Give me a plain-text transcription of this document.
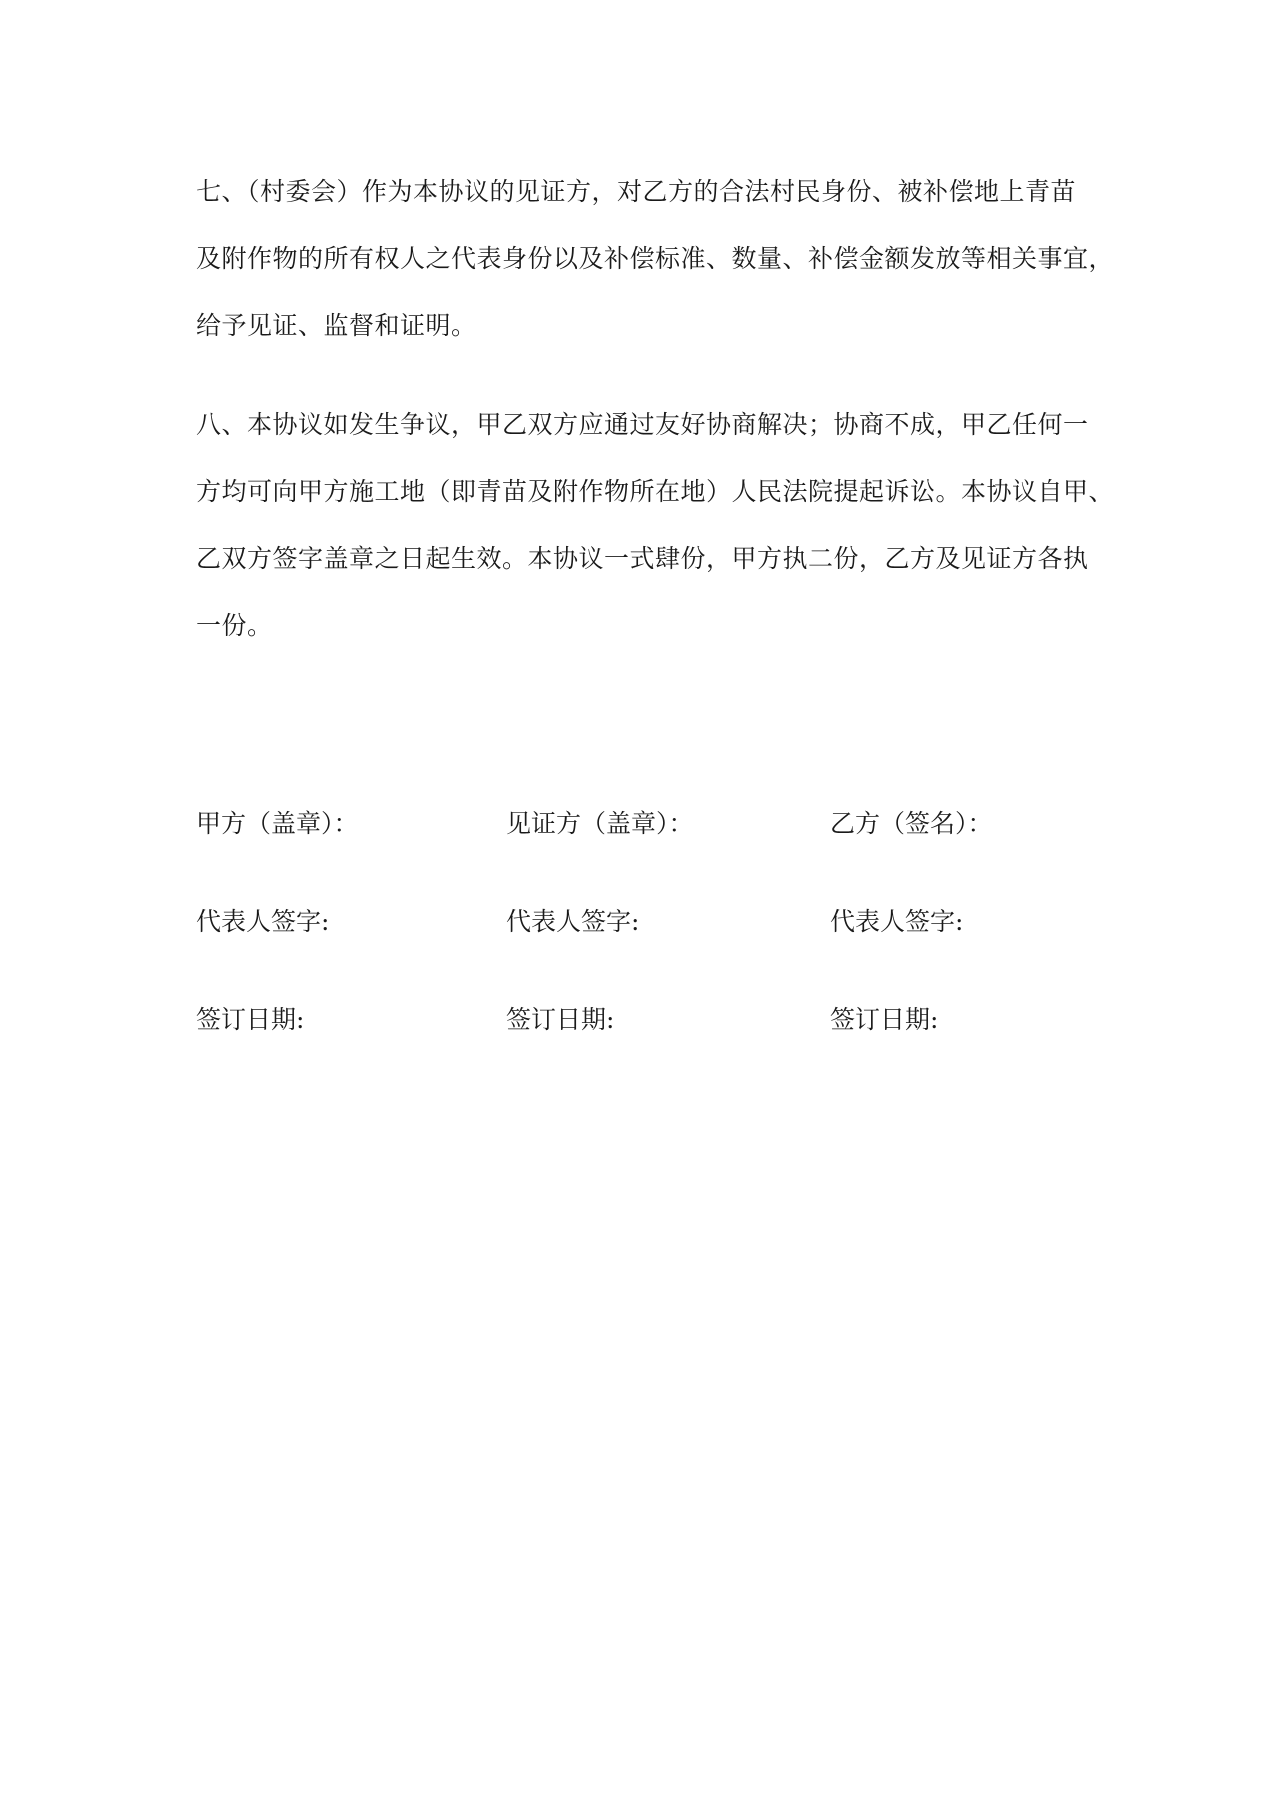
七、（村委会）作为本协议的见证方，对乙方的合法村民身份、被补偿地上青苗
及附作物的所有权人之代表身份以及补偿标准、数量、补偿金额发放等相关事宜，
给予见证、监督和证明。

八、本协议如发生争议，甲乙双方应通过友好协商解决；协商不成，甲乙任何一
方均可向甲方施工地（即青苗及附作物所在地）人民法院提起诉讼。本协议自甲、
乙双方签字盖章之日起生效。本协议一式肆份，甲方执二份，乙方及见证方各执
一份。

甲方（盖章）：	见证方（盖章）：	乙方（签名）：
代表人签字:	代表人签字:	代表人签字:
签订日期:	签订日期:	签订日期:
